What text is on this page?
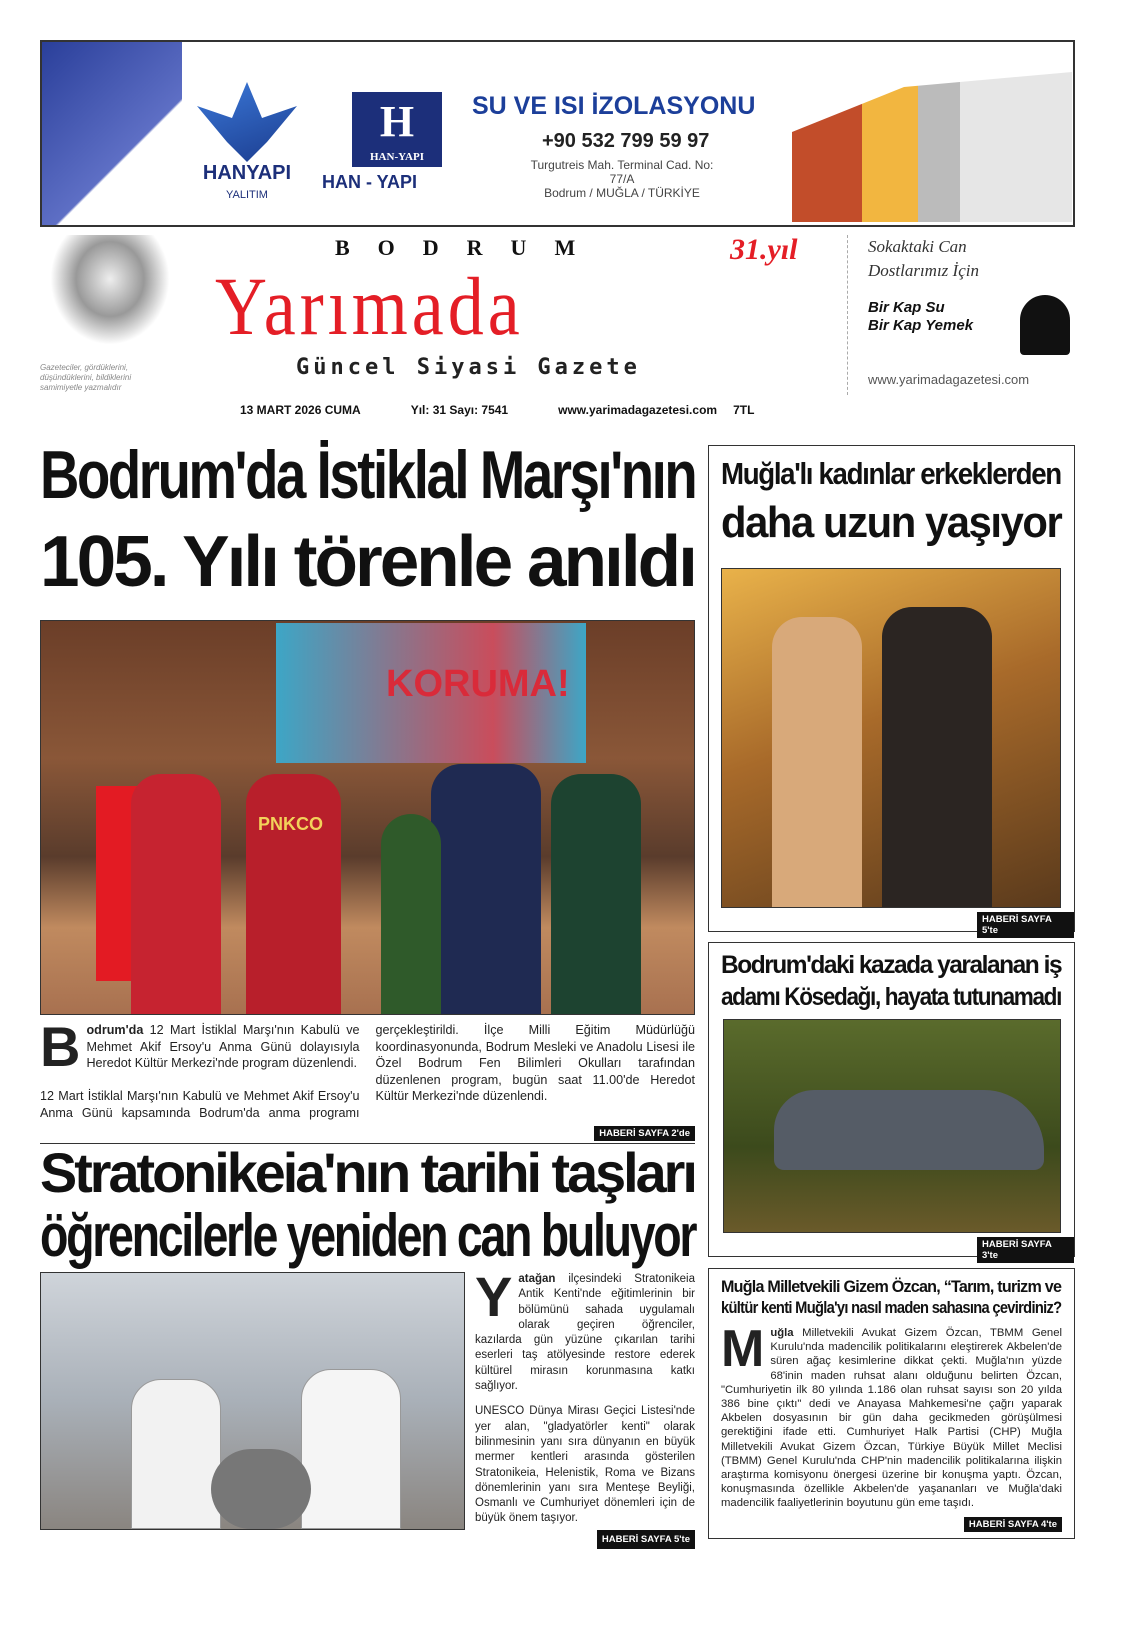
HANYAPI
YALITIM
H
HAN-YAPI
HAN - YAPI
SU VE ISI İZOLASYONU
+90 532 799 59 97
Turgutreis Mah. Terminal Cad. No: 77/A
Bodrum / MUĞLA / TÜRKİYE
Gazeteciler, gördüklerini, düşündüklerini, bildiklerini samimiyetle yazmalıdır
BODRUM
Yarımada
31.yıl
Güncel Siyasi Gazete
Sokaktaki Can
Dostlarımız İçin
Bir Kap Su
Bir Kap Yemek
www.yarimadagazetesi.com
13 MART 2026 CUMA	Yıl: 31 Sayı: 7541	www.yarimadagazetesi.com 7TL
Bodrum'da İstiklal Marşı'nın
105. Yılı törenle anıldı
KORUMA!
PNKCO
Bodrum'da 12 Mart İstiklal Marşı'nın Kabulü ve Mehmet Akif Ersoy'u Anma Günü dolayısıyla Heredot Kültür Merkezi'nde program düzenlendi.

12 Mart İstiklal Marşı'nın Kabulü ve Mehmet Akif Ersoy'u Anma Günü kapsamında Bodrum'da anma programı gerçekleştirildi. İlçe Milli Eğitim Müdürlüğü koordinasyonunda, Bodrum Mesleki ve Anadolu Lisesi ile Özel Bodrum Fen Bilimleri Okulları tarafından düzenlenen program, bugün saat 11.00'de Heredot Kültür Merkezi'nde düzenlendi.
HABERİ SAYFA 2'de
Stratonikeia'nın tarihi taşları
öğrencilerle yeniden can buluyor
Yatağan ilçesindeki Stratonikeia Antik Kenti'nde eğitimlerinin bir bölümünü sahada uygulamalı olarak geçiren öğrenciler, kazılarda gün yüzüne çıkarılan tarihi eserleri taş atölyesinde restore ederek kültürel mirasın korunmasına katkı sağlıyor.

UNESCO Dünya Mirası Geçici Listesi'nde yer alan, "gladyatörler kenti" olarak bilinmesinin yanı sıra dünyanın en büyük mermer kentleri arasında gösterilen Stratonikeia, Helenistik, Roma ve Bizans dönemlerinin yanı sıra Menteşe Beyliği, Osmanlı ve Cumhuriyet dönemleri için de büyük önem taşıyor.

HABERİ SAYFA 5'te
Muğla'lı kadınlar erkeklerden
daha uzun yaşıyor
HABERİ SAYFA 5'te
Bodrum'daki kazada yaralanan iş
adamı Kösedağı, hayata tutunamadı
HABERİ SAYFA 3'te
Muğla Milletvekili Gizem Özcan, “Tarım, turizm ve
kültür kenti Muğla'yı nasıl maden sahasına çevirdiniz?
Muğla Milletvekili Avukat Gizem Özcan, TBMM Genel Kurulu'nda madencilik politikalarını eleştirerek Akbelen'de süren ağaç kesimlerine dikkat çekti. Muğla'nın yüzde 68'inin maden ruhsat alanı olduğunu belirten Özcan, "Cumhuriyetin ilk 80 yılında 1.186 olan ruhsat sayısı son 20 yılda 386 bine çıktı" dedi ve Anayasa Mahkemesi'ne çağrı yaparak Akbelen dosyasının bir gün daha gecikmeden görüşülmesi gerektiğini ifade etti. Cumhuriyet Halk Partisi (CHP) Muğla Milletvekili Avukat Gizem Özcan, Türkiye Büyük Millet Meclisi (TBMM) Genel Kurulu'nda CHP'nin madencilik politikalarına ilişkin araştırma komisyonu önergesi üzerine bir konuşma yaptı. Özcan, konuşmasında özellikle Akbelen'de yaşananları ve Muğla'daki madencilik faaliyetlerinin boyutunu gün eme taşıdı.
HABERİ SAYFA 4'te
